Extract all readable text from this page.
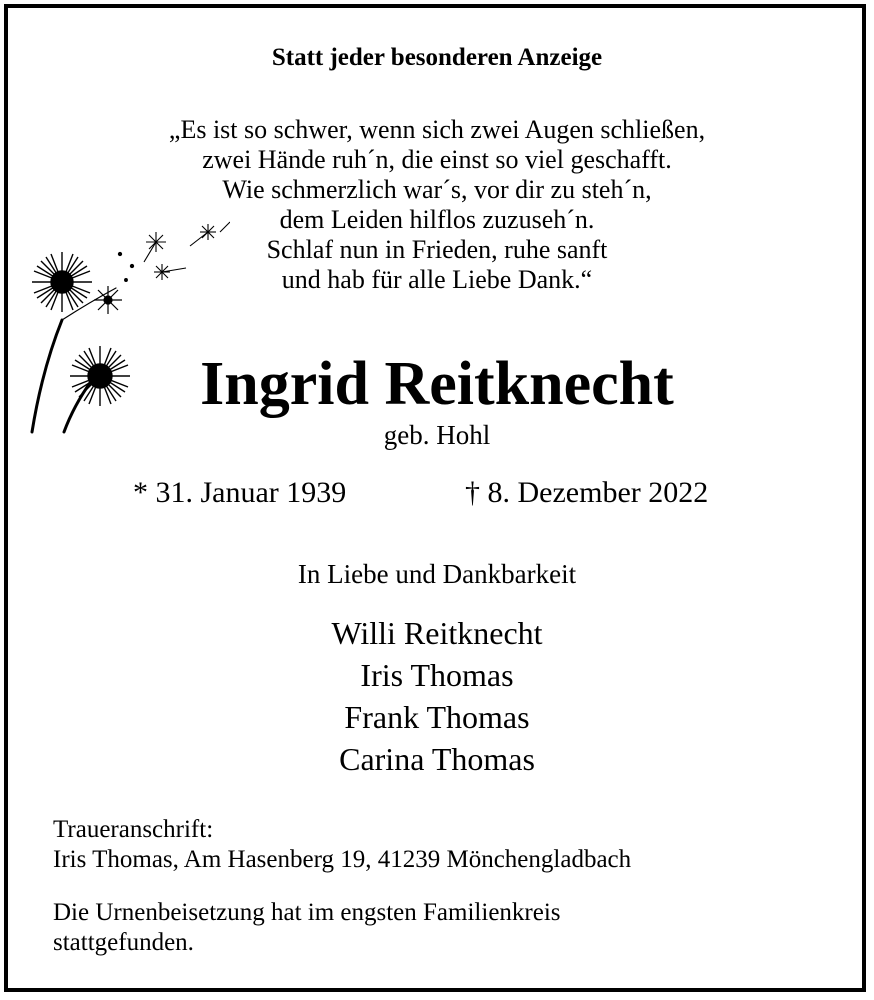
Statt jeder besonderen Anzeige
„Es ist so schwer, wenn sich zwei Augen schließen,
zwei Hände ruh´n, die einst so viel geschafft.
Wie schmerzlich war´s, vor dir zu steh´n,
dem Leiden hilflos zuzuseh´n.
Schlaf nun in Frieden, ruhe sanft
und hab für alle Liebe Dank.“
Ingrid Reitknecht
geb. Hohl
* 31. Januar 1939	† 8. Dezember 2022
In Liebe und Dankbarkeit
Willi Reitknecht
Iris Thomas
Frank Thomas
Carina Thomas
Traueranschrift:
Iris Thomas, Am Hasenberg 19, 41239 Mönchengladbach
Die Urnenbeisetzung hat im engsten Familienkreis
stattgefunden.
